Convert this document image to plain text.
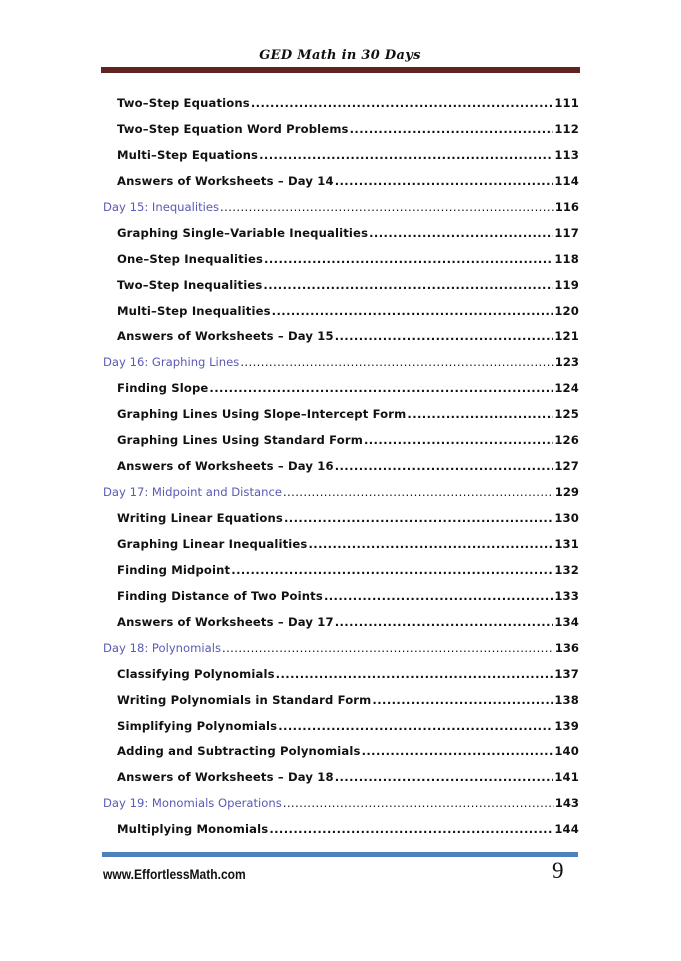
GED Math in 30 Days
Two–Step Equations .....	111
Two–Step Equation Word Problems .....	112
Multi–Step Equations .....	113
Answers of Worksheets – Day 14 .....	114
Day 15: Inequalities .....	116
Graphing Single–Variable Inequalities .....	117
One–Step Inequalities .....	118
Two–Step Inequalities .....	119
Multi–Step Inequalities .....	120
Answers of Worksheets – Day 15 .....	121
Day 16: Graphing Lines .....	123
Finding Slope .....	124
Graphing Lines Using Slope–Intercept Form .....	125
Graphing Lines Using Standard Form .....	126
Answers of Worksheets – Day 16 .....	127
Day 17: Midpoint and Distance .....	129
Writing Linear Equations .....	130
Graphing Linear Inequalities .....	131
Finding Midpoint .....	132
Finding Distance of Two Points .....	133
Answers of Worksheets – Day 17 .....	134
Day 18: Polynomials .....	136
Classifying Polynomials .....	137
Writing Polynomials in Standard Form .....	138
Simplifying Polynomials .....	139
Adding and Subtracting Polynomials .....	140
Answers of Worksheets – Day 18 .....	141
Day 19: Monomials Operations .....	143
Multiplying Monomials .....	144
www.EffortlessMath.com	9
